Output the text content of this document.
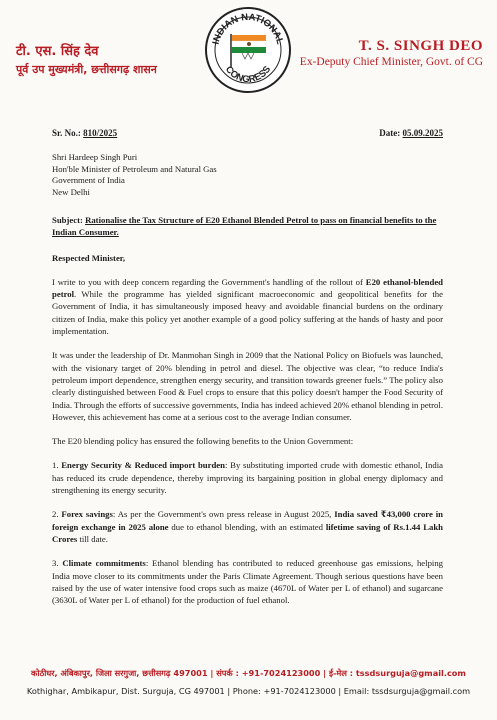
टी. एस. सिंह देव
पूर्व उप मुख्यमंत्री, छत्तीसगढ़ शासन
INDIAN NATIONAL
CONGRESS
T. S. SINGH DEO
Ex-Deputy Chief Minister, Govt. of CG
Sr. No.: 810/2025	Date: 05.09.2025
Shri Hardeep Singh Puri
Hon'ble Minister of Petroleum and Natural Gas
Government of India
New Delhi
Subject: Rationalise the Tax Structure of E20 Ethanol Blended Petrol to pass on financial benefits to the Indian Consumer.
Respected Minister,

I write to you with deep concern regarding the Government's handling of the rollout of E20 ethanol-blended petrol. While the programme has yielded significant macroeconomic and geopolitical benefits for the Government of India, it has simultaneously imposed heavy and avoidable financial burdens on the ordinary citizen of India, make this policy yet another example of a good policy suffering at the hands of hasty and poor implementation.

It was under the leadership of Dr. Manmohan Singh in 2009 that the National Policy on Biofuels was launched, with the visionary target of 20% blending in petrol and diesel. The objective was clear, “to reduce India's petroleum import dependence, strengthen energy security, and transition towards greener fuels.” The policy also clearly distinguished between Food & Fuel crops to ensure that this policy doesn't hamper the Food Security of India. Through the efforts of successive governments, India has indeed achieved 20% ethanol blending in petrol. However, this achievement has come at a serious cost to the average Indian consumer.

The E20 blending policy has ensured the following benefits to the Union Government:

1. Energy Security & Reduced import burden: By substituting imported crude with domestic ethanol, India has reduced its crude dependence, thereby improving its bargaining position in global energy diplomacy and strengthening its energy security.

2. Forex savings: As per the Government's own press release in August 2025, India saved ₹43,000 crore in foreign exchange in 2025 alone due to ethanol blending, with an estimated lifetime saving of Rs.1.44 Lakh Crores till date.

3. Climate commitments: Ethanol blending has contributed to reduced greenhouse gas emissions, helping India move closer to its commitments under the Paris Climate Agreement. Though serious questions have been raised by the use of water intensive food crops such as maize (4670L of Water per L of ethanol) and sugarcane (3630L of Water per L of ethanol) for the production of fuel ethanol.

कोठीघर, अंबिकापुर, जिला सरगुजा, छत्तीसगढ़ 497001 | संपर्क : +91-7024123000 | ई-मेल : tssdsurguja@gmail.com
Kothighar, Ambikapur, Dist. Surguja, CG 497001 | Phone: +91-7024123000 | Email: tssdsurguja@gmail.com
